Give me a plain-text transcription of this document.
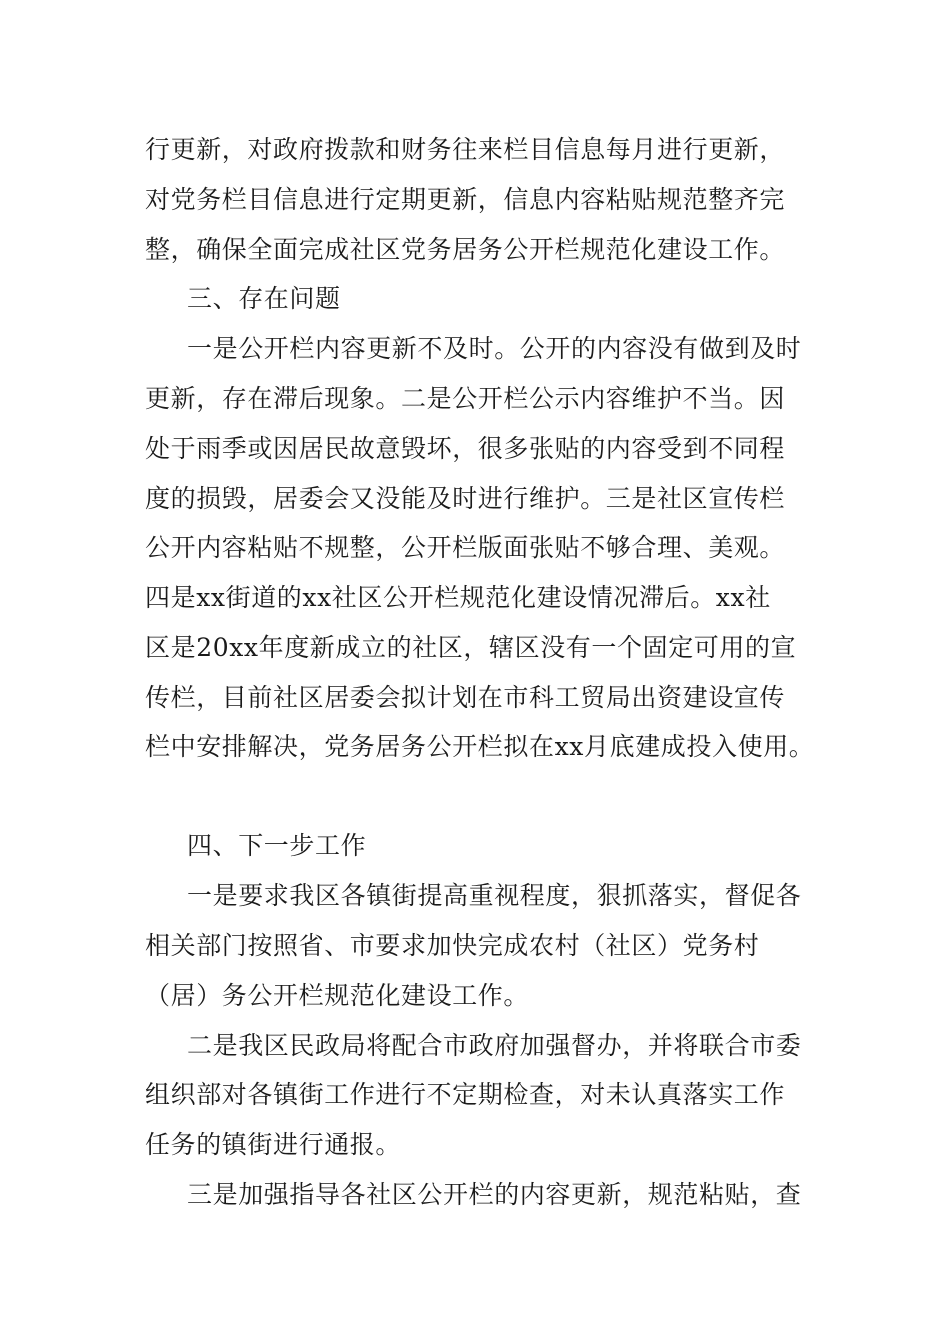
行更新，对政府拨款和财务往来栏目信息每月进行更新，
对党务栏目信息进行定期更新，信息内容粘贴规范整齐完
整，确保全面完成社区党务居务公开栏规范化建设工作。
三、存在问题
一是公开栏内容更新不及时。公开的内容没有做到及时
更新，存在滞后现象。二是公开栏公示内容维护不当。因
处于雨季或因居民故意毁坏，很多张贴的内容受到不同程
度的损毁，居委会又没能及时进行维护。三是社区宣传栏
公开内容粘贴不规整，公开栏版面张贴不够合理、美观。
四是xx街道的xx社区公开栏规范化建设情况滞后。xx社
区是20xx年度新成立的社区，辖区没有一个固定可用的宣
传栏，目前社区居委会拟计划在市科工贸局出资建设宣传
栏中安排解决，党务居务公开栏拟在xx月底建成投入使用。
四、下一步工作
一是要求我区各镇街提高重视程度，狠抓落实，督促各
相关部门按照省、市要求加快完成农村（社区）党务村
（居）务公开栏规范化建设工作。
二是我区民政局将配合市政府加强督办，并将联合市委
组织部对各镇街工作进行不定期检查，对未认真落实工作
任务的镇街进行通报。
三是加强指导各社区公开栏的内容更新，规范粘贴，查
